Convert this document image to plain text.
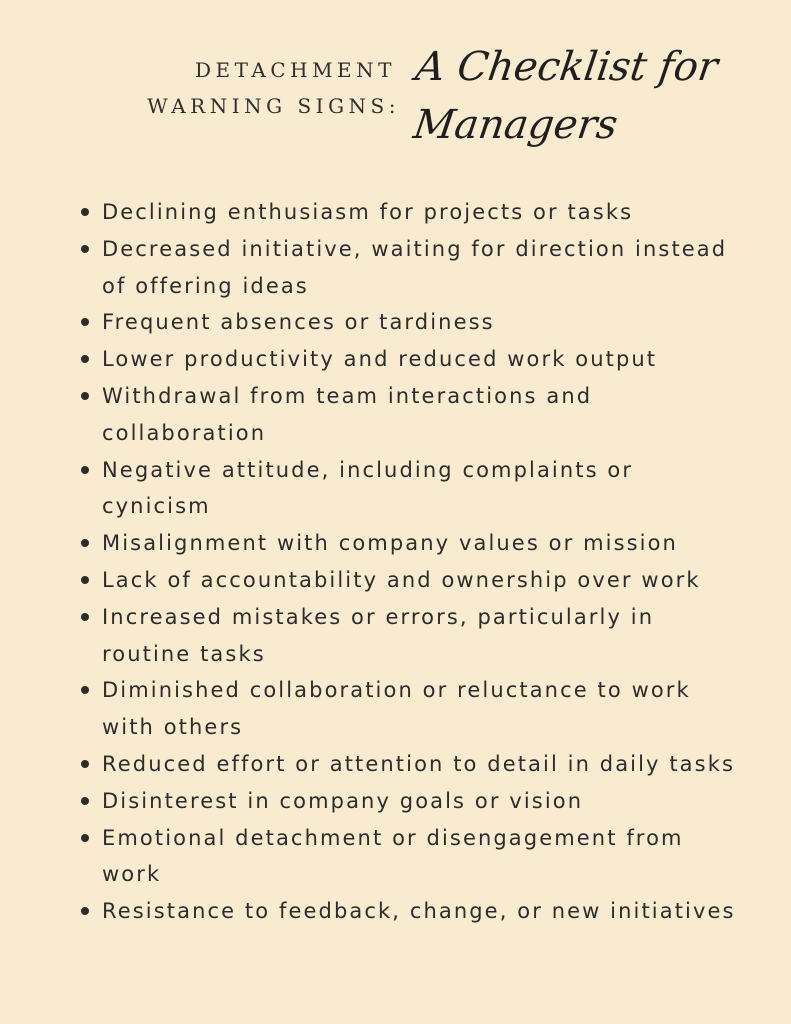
DETACHMENT
WARNING SIGNS:
A Checklist for
Managers
Declining enthusiasm for projects or tasks
Decreased initiative, waiting for direction instead of offering ideas
Frequent absences or tardiness
Lower productivity and reduced work output
Withdrawal from team interactions and collaboration
Negative attitude, including complaints or cynicism
Misalignment with company values or mission
Lack of accountability and ownership over work
Increased mistakes or errors, particularly in routine tasks
Diminished collaboration or reluctance to work with others
Reduced effort or attention to detail in daily tasks
Disinterest in company goals or vision
Emotional detachment or disengagement from work
Resistance to feedback, change, or new initiatives
